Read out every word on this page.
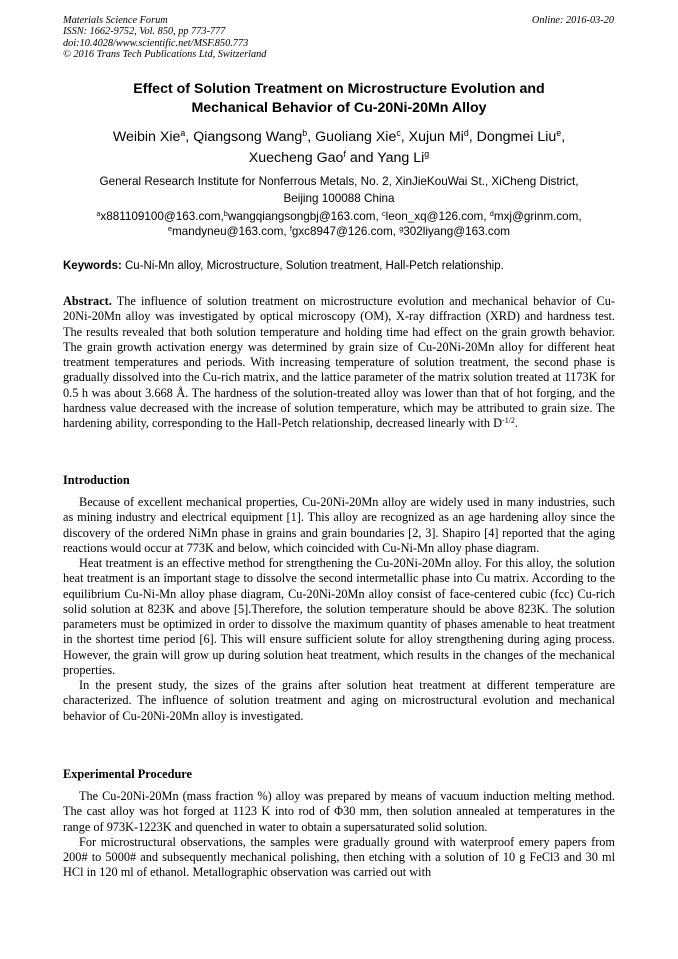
Materials Science Forum
ISSN: 1662-9752, Vol. 850, pp 773-777
doi:10.4028/www.scientific.net/MSF.850.773
© 2016 Trans Tech Publications Ltd, Switzerland
Online: 2016-03-20
Effect of Solution Treatment on Microstructure Evolution and
Mechanical Behavior of Cu-20Ni-20Mn Alloy
Weibin Xie$^a$, Qiangsong Wang$^b$, Guoliang Xie$^c$, Xujun Mi$^d$, Dongmei Liu$^e$,
Xuecheng Gao$^f$ and Yang Li$^g$
General Research Institute for Nonferrous Metals, No. 2, XinJieKouWai St., XiCheng District,
Beijing 100088 China
$^a$x881109100@163.com,$^b$wangqiangsongbj@163.com, $^c$leon_xq@126.com, $^d$mxj@grinm.com,
$^e$mandyneu@163.com, $^f$gxc8947@126.com, $^g$302liyang@163.com
Keywords: Cu-Ni-Mn alloy, Microstructure, Solution treatment, Hall-Petch relationship.
Abstract. The influence of solution treatment on microstructure evolution and mechanical behavior of Cu-20Ni-20Mn alloy was investigated by optical microscopy (OM), X-ray diffraction (XRD) and hardness test. The results revealed that both solution temperature and holding time had effect on the grain growth behavior. The grain growth activation energy was determined by grain size of Cu-20Ni-20Mn alloy for different heat treatment temperatures and periods. With increasing temperature of solution treatment, the second phase is gradually dissolved into the Cu-rich matrix, and the lattice parameter of the matrix solution treated at 1173K for 0.5 h was about 3.668 Å. The hardness of the solution-treated alloy was lower than that of hot forging, and the hardness value decreased with the increase of solution temperature, which may be attributed to grain size. The hardening ability, corresponding to the Hall-Petch relationship, decreased linearly with $D^{-1/2}$.
Introduction

Because of excellent mechanical properties, Cu-20Ni-20Mn alloy are widely used in many industries, such as mining industry and electrical equipment [1]. This alloy are recognized as an age hardening alloy since the discovery of the ordered NiMn phase in grains and grain boundaries [2, 3]. Shapiro [4] reported that the aging reactions would occur at 773K and below, which coincided with Cu-Ni-Mn alloy phase diagram.

Heat treatment is an effective method for strengthening the Cu-20Ni-20Mn alloy. For this alloy, the solution heat treatment is an important stage to dissolve the second intermetallic phase into Cu matrix. According to the equilibrium Cu-Ni-Mn alloy phase diagram, Cu-20Ni-20Mn alloy consist of face-centered cubic (fcc) Cu-rich solid solution at 823K and above [5].Therefore, the solution temperature should be above 823K. The solution parameters must be optimized in order to dissolve the maximum quantity of phases amenable to heat treatment in the shortest time period [6]. This will ensure sufficient solute for alloy strengthening during aging process. However, the grain will grow up during solution heat treatment, which results in the changes of the mechanical properties.

In the present study, the sizes of the grains after solution heat treatment at different temperature are characterized. The influence of solution treatment and aging on microstructural evolution and mechanical behavior of Cu-20Ni-20Mn alloy is investigated.

Experimental Procedure

The Cu-20Ni-20Mn (mass fraction %) alloy was prepared by means of vacuum induction melting method. The cast alloy was hot forged at 1123 K into rod of Φ30 mm, then solution annealed at temperatures in the range of 973K-1223K and quenched in water to obtain a supersaturated solid solution.

For microstructural observations, the samples were gradually ground with waterproof emery papers from 200# to 5000# and subsequently mechanical polishing, then etching with a solution of 10 g FeCl3 and 30 ml HCl in 120 ml of ethanol. Metallographic observation was carried out with
